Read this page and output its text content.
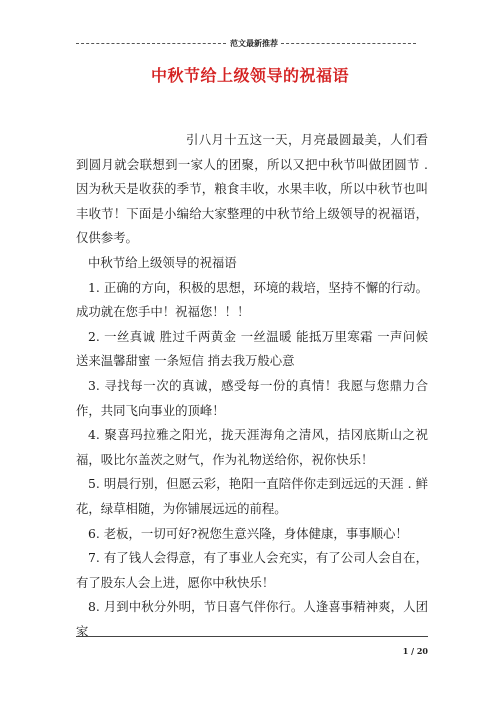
范文最新推荐
中秋节给上级领导的祝福语

引八月十五这一天，月亮最圆最美，人们看到圆月就会联想到一家人的团聚，所以又把中秋节叫做团圆节 . 因为秋天是收获的季节，粮食丰收，水果丰收，所以中秋节也叫丰收节！下面是小编给大家整理的中秋节给上级领导的祝福语，仅供参考。

中秋节给上级领导的祝福语

1. 正确的方向，积极的思想，环境的栽培，坚持不懈的行动。成功就在您手中！祝福您！！！

2. 一丝真诚 胜过千两黄金 一丝温暖 能抵万里寒霜 一声问候送来温馨甜蜜 一条短信 捎去我万般心意

3. 寻找每一次的真诚，感受每一份的真情！我愿与您鼎力合作，共同飞向事业的顶峰！

4. 聚喜玛拉雅之阳光，拢天涯海角之清风，拮冈底斯山之祝福，吸比尔盖茨之财气，作为礼物送给你，祝你快乐！

5. 明晨行别，但愿云彩，艳阳一直陪伴你走到远远的天涯 . 鲜花，绿草相随，为你铺展远远的前程。

6. 老板，一切可好?祝您生意兴隆，身体健康，事事顺心！

7. 有了钱人会得意，有了事业人会充实，有了公司人会自在，有了股东人会上进，愿你中秋快乐！

8. 月到中秋分外明，节日喜气伴你行。人逢喜事精神爽，人团家

1 / 20
